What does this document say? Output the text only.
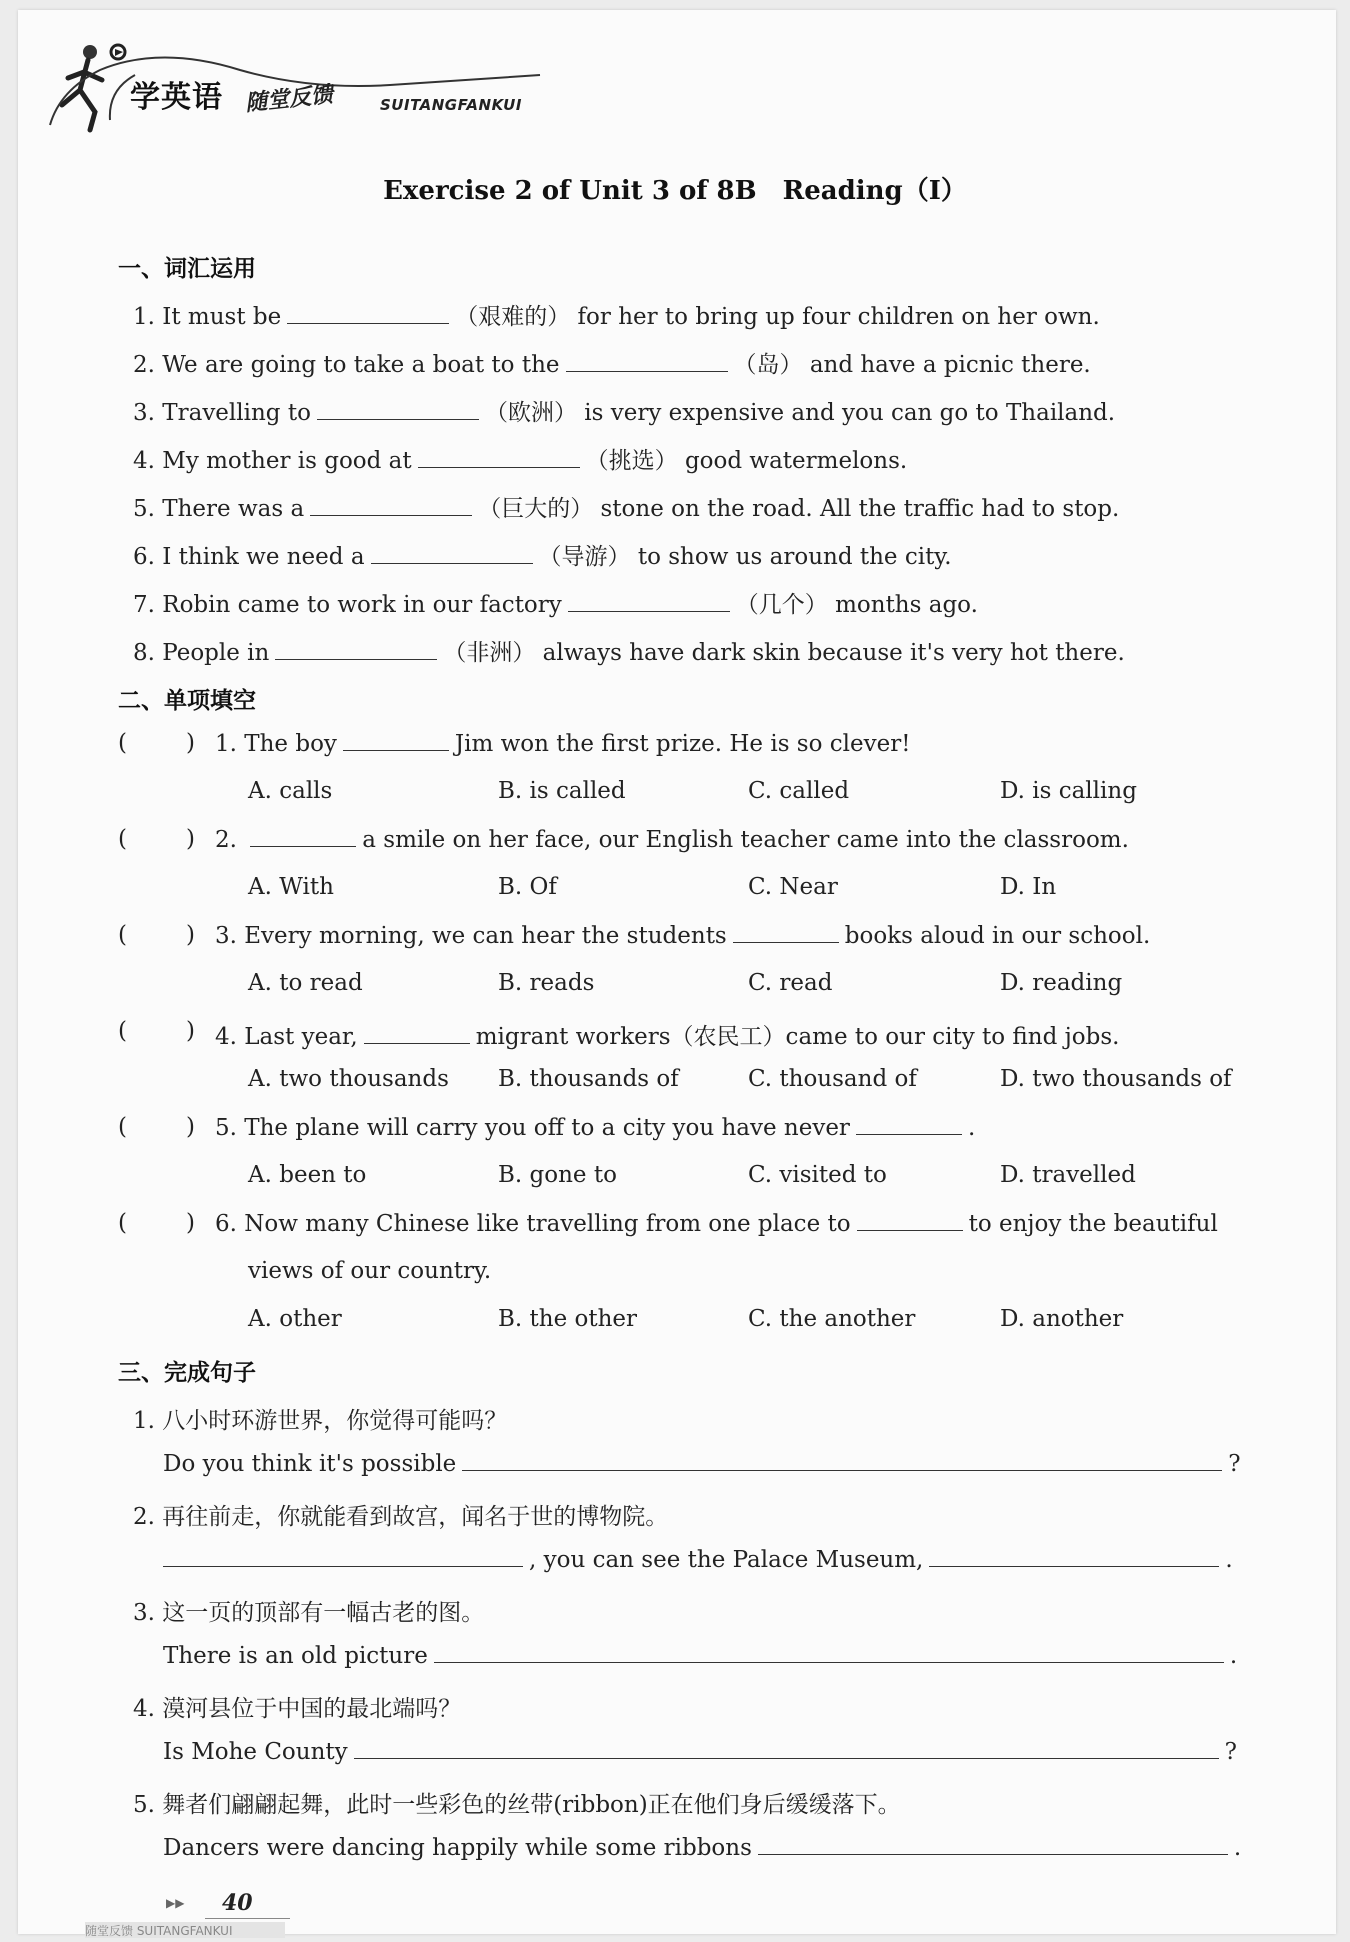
学英语 随堂反馈	SUITANGFANKUI
Exercise 2 of Unit 3 of 8B　Reading（Ⅰ）
一、词汇运用
1. It must be	（艰难的） for her to bring up four children on her own.
2. We are going to take a boat to the	（岛） and have a picnic there.
3. Travelling to	（欧洲） is very expensive and you can go to Thailand.
4. My mother is good at	（挑选） good watermelons.
5. There was a	（巨大的） stone on the road. All the traffic had to stop.
6. I think we need a	（导游） to show us around the city.
7. Robin came to work in our factory	（几个） months ago.
8. People in	（非洲） always have dark skin because it's very hot there.
二、单项填空
(	) 1. The boy	Jim won the first prize. He is so clever!
A. calls	B. is called	C. called	D. is calling
(	) 2.	a smile on her face, our English teacher came into the classroom.
A. With	B. Of	C. Near	D. In
(	) 3. Every morning, we can hear the students	books aloud in our school.
A. to read	B. reads	C. read	D. reading
(	) 4. Last year,	migrant workers（农民工）came to our city to find jobs.
A. two thousands B. thousands of	C. thousand of	D. two thousands of
(	) 5. The plane will carry you off to a city you have never	.
A. been to	B. gone to	C. visited to	D. travelled
(	) 6. Now many Chinese like travelling from one place to	to enjoy the beautiful
views of our country.
A. other	B. the other	C. the another	D. another
三、完成句子
1. 八小时环游世界，你觉得可能吗？
Do you think it's possible	?
2. 再往前走，你就能看到故宫，闻名于世的博物院。
, you can see the Palace Museum,	.
3. 这一页的顶部有一幅古老的图。
There is an old picture	.
4. 漠河县位于中国的最北端吗？
Is Mohe County	?
5. 舞者们翩翩起舞，此时一些彩色的丝带(ribbon)正在他们身后缓缓落下。
Dancers were dancing happily while some ribbons	.
▶▶ 40
随堂反馈 SUITANGFANKUI
